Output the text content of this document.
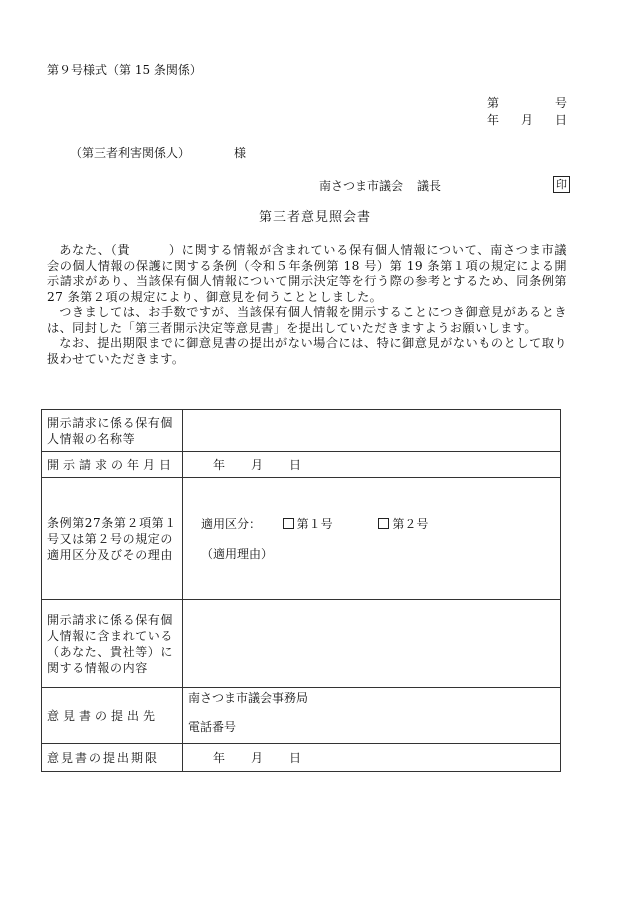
第９号様式（第 15 条関係）
第	号
年 月 日
（第三者利害関係人）	様
南さつま市議会 議長	印
第三者意見照会書

あなた、（貴　　　）に関する情報が含まれている保有個人情報について、南さつま市議会の個人情報の保護に関する条例（令和５年条例第 18 号）第 19 条第１項の規定による開示請求があり、当該保有個人情報について開示決定等を行う際の参考とするため、同条例第 27 条第２項の規定により、御意見を伺うこととしました。

つきましては、お手数ですが、当該保有個人情報を開示することにつき御意見があるときは、同封した「第三者開示決定等意見書」を提出していただきますようお願いします。

なお、提出期限までに御意見書の提出がない場合には、特に御意見がないものとして取り扱わせていただきます。

開示請求に係る保有個人情報の名称等	
開示請求の年月日	年 月 日
条例第27条第２項第１号又は第２号の規定の適用区分及びその理由	適用区分： 第１号 第２号
（適用理由）

開示請求に係る保有個人情報に含まれている（あなた、貴社等）に関する情報の内容	
意見書の提出先	南さつま市議会事務局
電話番号

意見書の提出期限	年 月 日
